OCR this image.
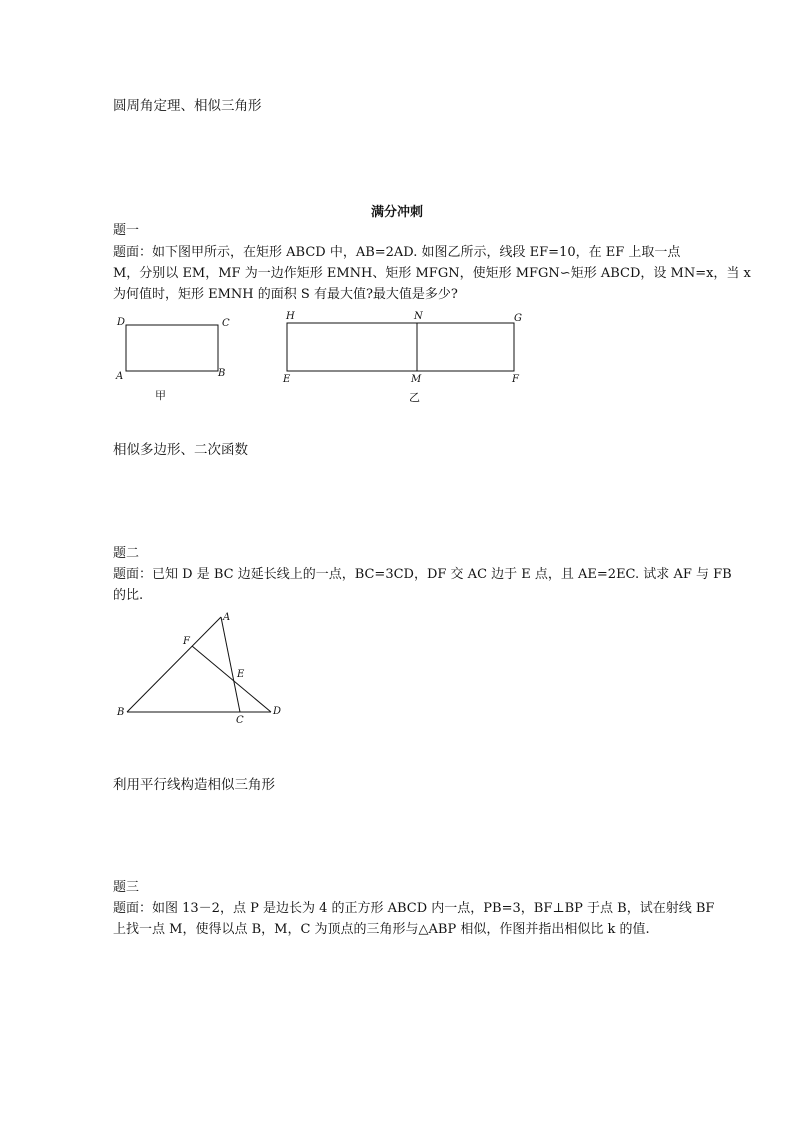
圆周角定理、相似三角形
满分冲刺
题一
题面：如下图甲所示，在矩形 ABCD 中，AB=2AD. 如图乙所示，线段 EF=10，在 EF 上取一点
M，分别以 EM，MF 为一边作矩形 EMNH、矩形 MFGN，使矩形 MFGN∽矩形 ABCD，设 MN=x，当 x
为何值时，矩形 EMNH 的面积 S 有最大值?最大值是多少?
D	C
A	B
甲
H	N	G
E	M	F
乙
相似多边形、二次函数
题二
题面：已知 D 是 BC 边延长线上的一点，BC=3CD，DF 交 AC 边于 E 点，且 AE=2EC. 试求 AF 与 FB
的比.
A
F
E
B
C
D
利用平行线构造相似三角形
题三
题面：如图 13－2，点 P 是边长为 4 的正方形 ABCD 内一点，PB=3，BF⊥BP 于点 B，试在射线 BF
上找一点 M，使得以点 B，M，C 为顶点的三角形与△ABP 相似，作图并指出相似比 k 的值.
